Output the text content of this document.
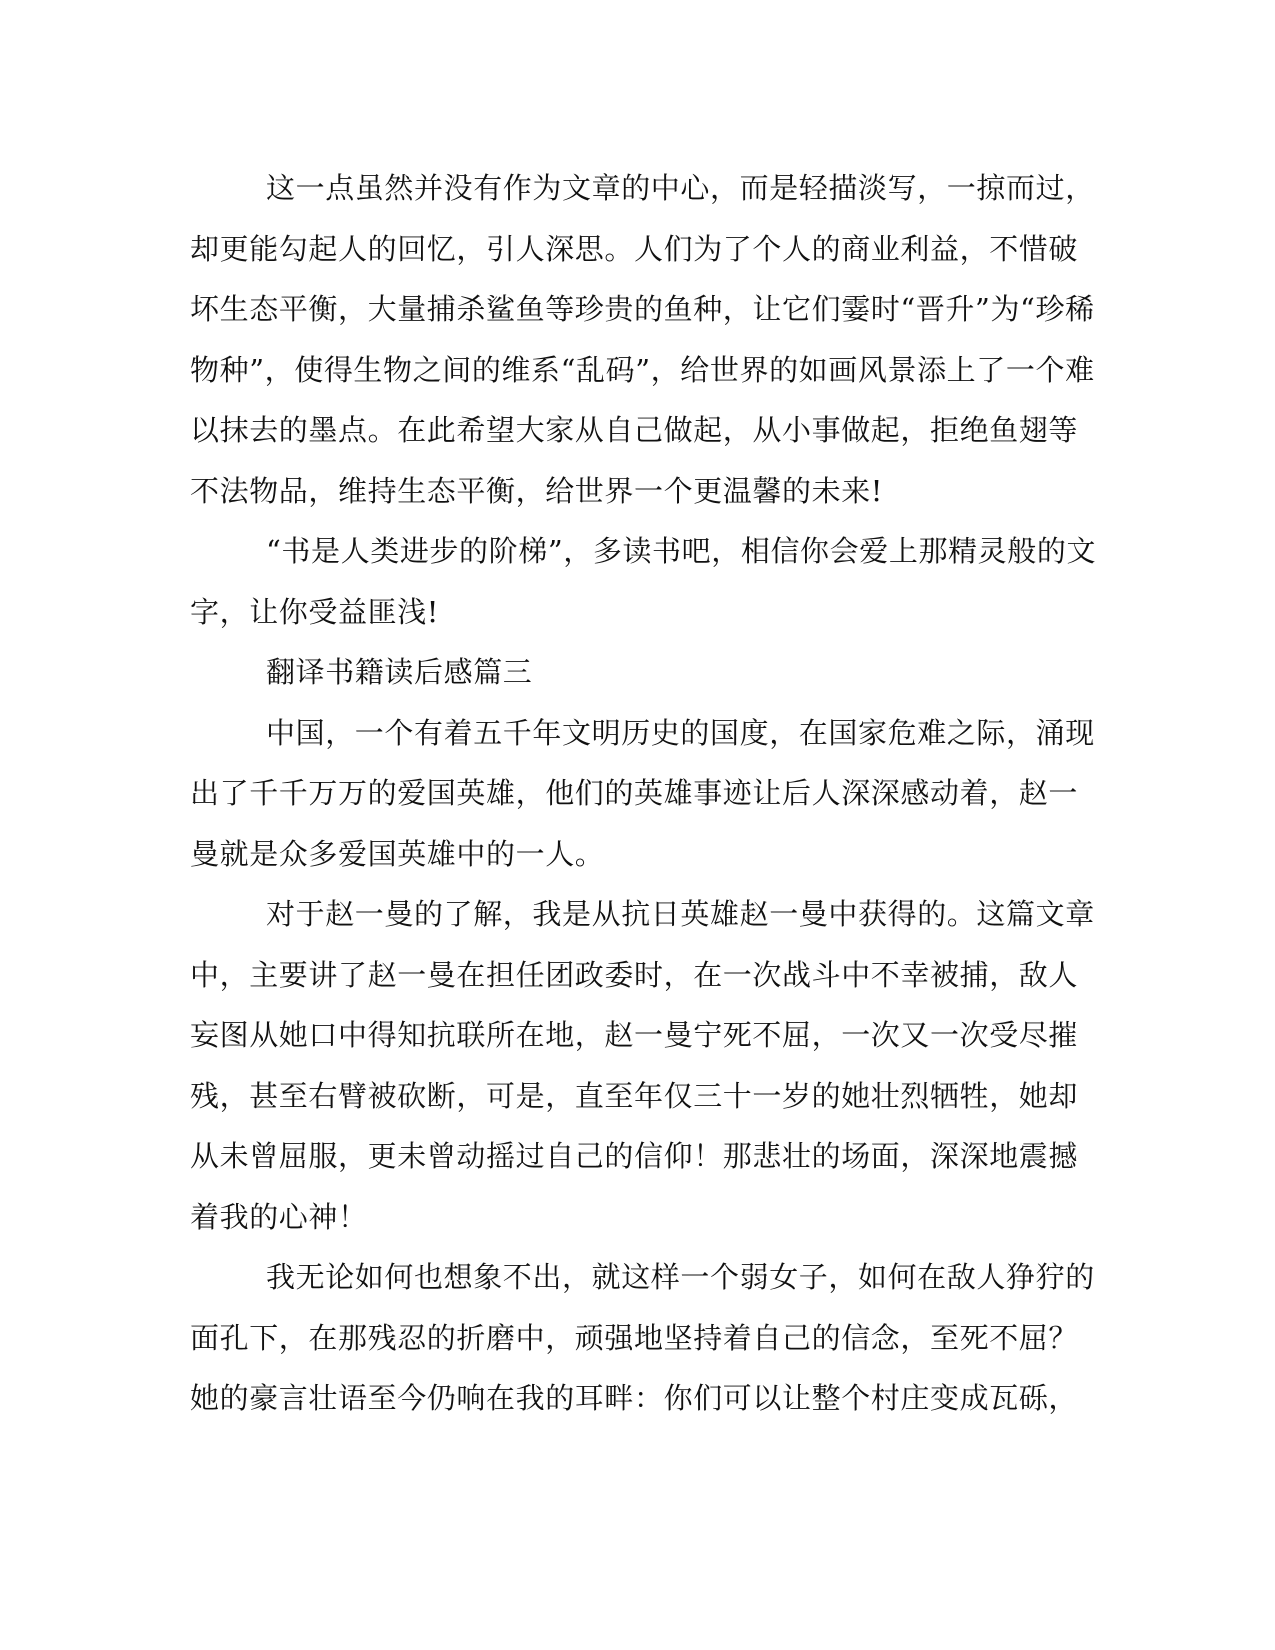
这一点虽然并没有作为文章的中心，而是轻描淡写，一掠而过，
却更能勾起人的回忆，引人深思。人们为了个人的商业利益，不惜破
坏生态平衡，大量捕杀鲨鱼等珍贵的鱼种，让它们霎时“晋升”为“珍稀
物种”，使得生物之间的维系“乱码”，给世界的如画风景添上了一个难
以抹去的墨点。在此希望大家从自己做起，从小事做起，拒绝鱼翅等
不法物品，维持生态平衡，给世界一个更温馨的未来!
“书是人类进步的阶梯”，多读书吧，相信你会爱上那精灵般的文
字，让你受益匪浅!
翻译书籍读后感篇三
中国，一个有着五千年文明历史的国度，在国家危难之际，涌现
出了千千万万的爱国英雄，他们的英雄事迹让后人深深感动着，赵一
曼就是众多爱国英雄中的一人。
对于赵一曼的了解，我是从抗日英雄赵一曼中获得的。这篇文章
中，主要讲了赵一曼在担任团政委时，在一次战斗中不幸被捕，敌人
妄图从她口中得知抗联所在地，赵一曼宁死不屈，一次又一次受尽摧
残，甚至右臂被砍断，可是，直至年仅三十一岁的她壮烈牺牲，她却
从未曾屈服，更未曾动摇过自己的信仰！那悲壮的场面，深深地震撼
着我的心神！
我无论如何也想象不出，就这样一个弱女子，如何在敌人狰狞的
面孔下，在那残忍的折磨中，顽强地坚持着自己的信念，至死不屈？
她的豪言壮语至今仍响在我的耳畔：你们可以让整个村庄变成瓦砾，
